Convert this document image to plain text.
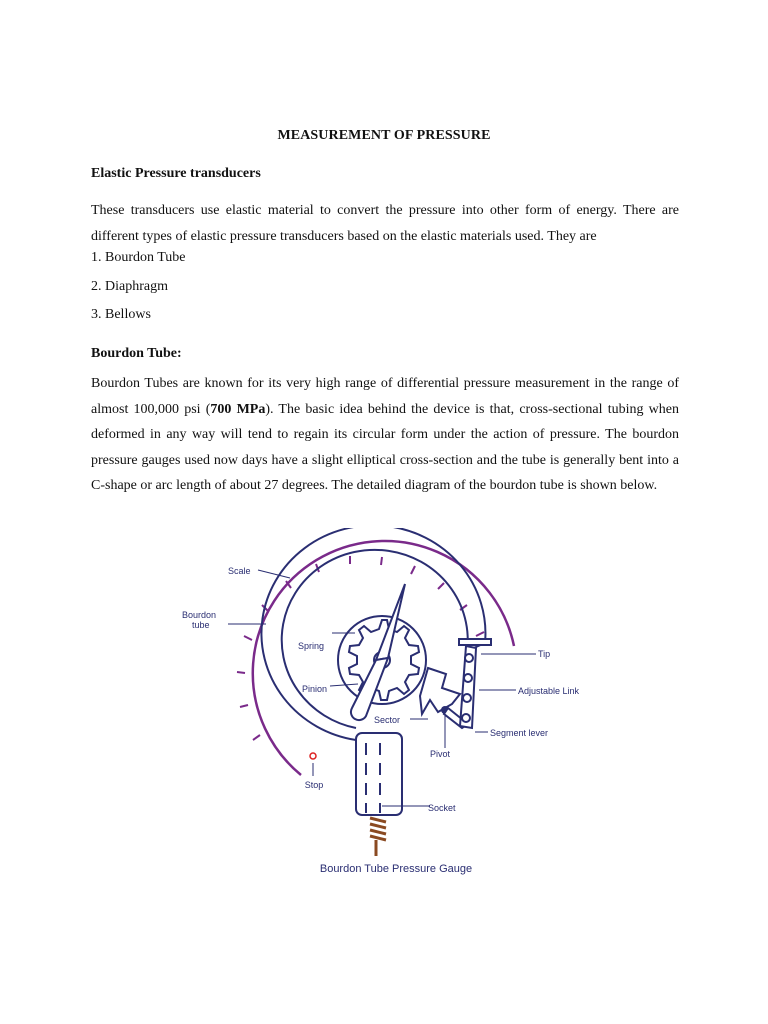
MEASUREMENT OF PRESSURE
Elastic Pressure transducers

These transducers use elastic material to convert the pressure into other form of energy. There are different types of elastic pressure transducers based on the elastic materials used. They are

1. Bourdon Tube
2. Diaphragm
3. Bellows
Bourdon Tube:

Bourdon Tubes are known for its very high range of differential pressure measurement in the range of almost 100,000 psi (700 MPa). The basic idea behind the device is that, cross-sectional tubing when deformed in any way will tend to regain its circular form under the action of pressure. The bourdon pressure gauges used now days have a slight elliptical cross-section and the tube is generally bent into a C-shape or arc length of about 27 degrees. The detailed diagram of the bourdon tube is shown below.

Scale
Bourdon
tube
Spring
Pinion
Sector
Pivot
Stop
Socket
Tip
Adjustable Link
Segment lever
Bourdon Tube Pressure Gauge
